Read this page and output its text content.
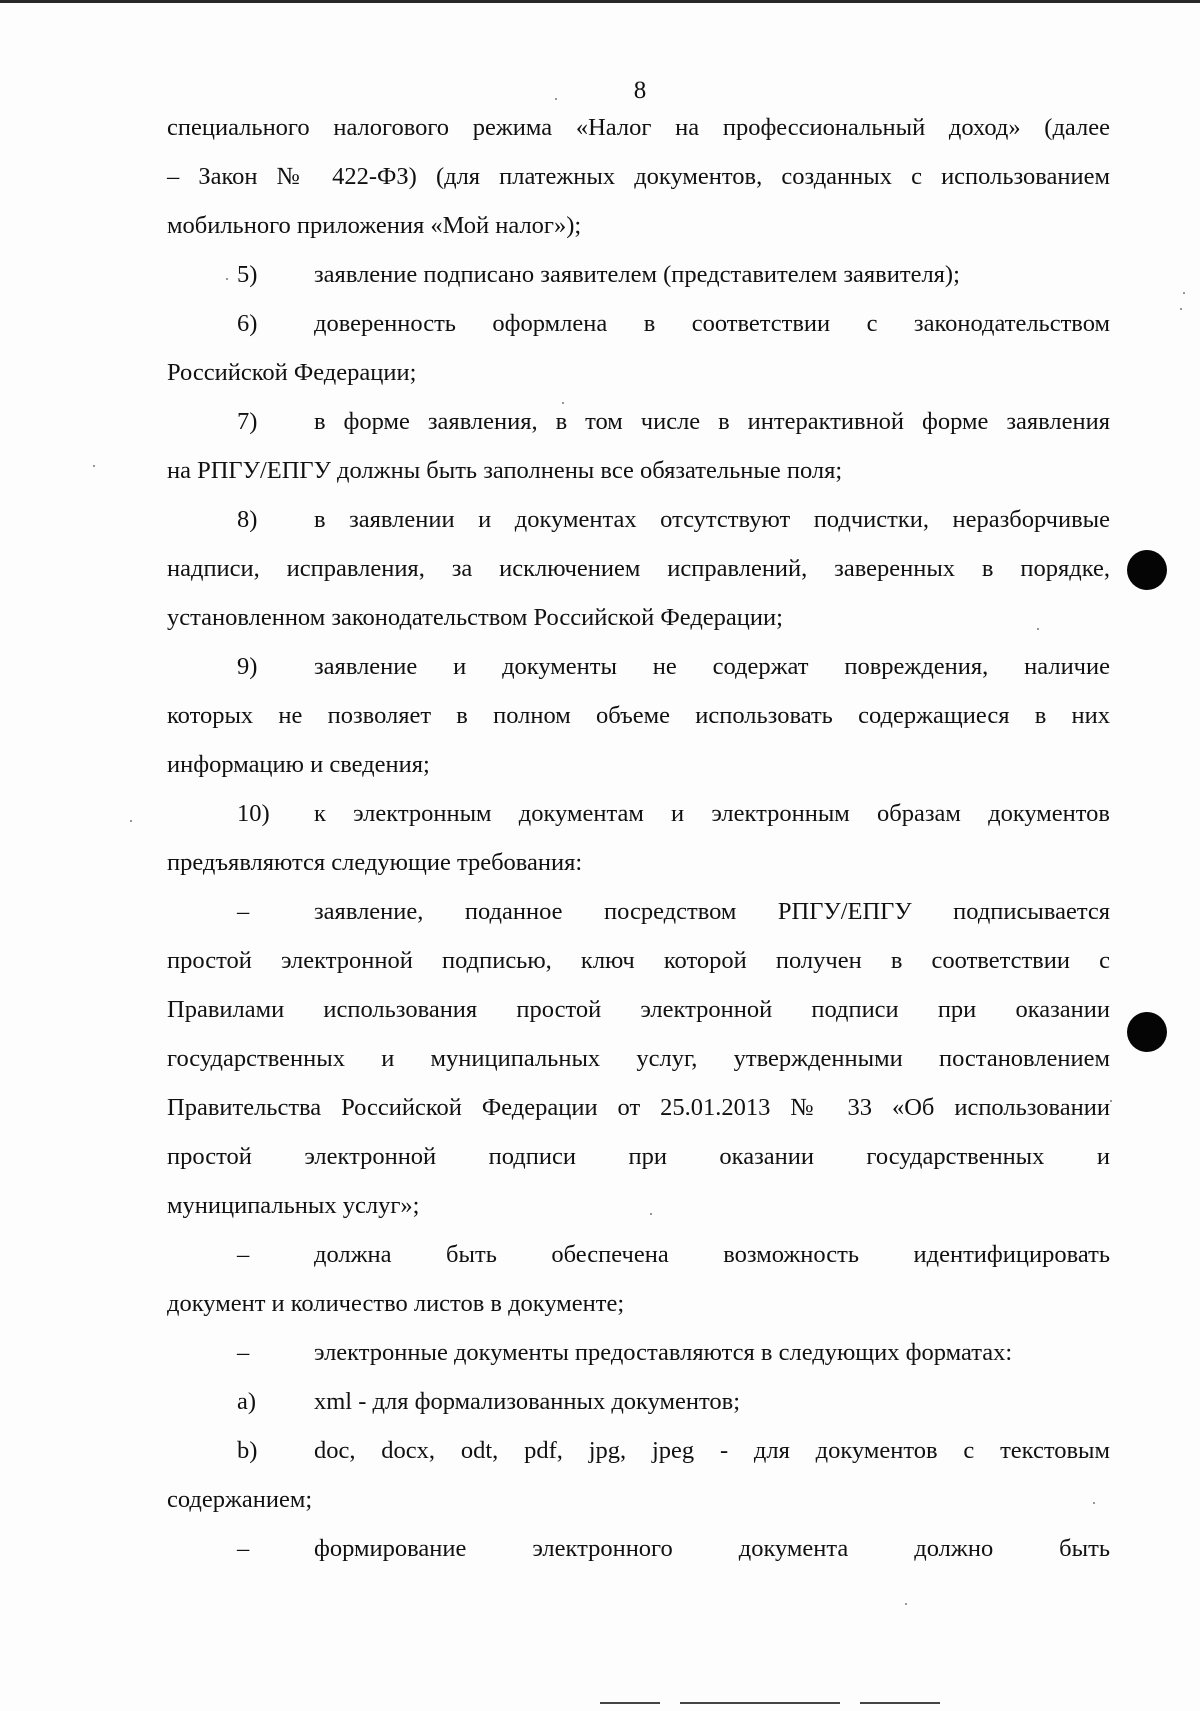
8
специального налогового режима «Налог на профессиональный доход» (далее
– Закон № 422-ФЗ) (для платежных документов, созданных с использованием
мобильного приложения «Мой налог»);
5)	заявление подписано заявителем (представителем заявителя);
6)	доверенность оформлена в соответствии с законодательством
Российской Федерации;
7)	в форме заявления, в том числе в интерактивной форме заявления
на РПГУ/ЕПГУ должны быть заполнены все обязательные поля;
8)	в заявлении и документах отсутствуют подчистки, неразборчивые
надписи, исправления, за исключением исправлений, заверенных в порядке,
установленном законодательством Российской Федерации;
9)	заявление и документы не содержат повреждения, наличие
которых не позволяет в полном объеме использовать содержащиеся в них
информацию и сведения;
10)	к электронным документам и электронным образам документов
предъявляются следующие требования:
–	заявление, поданное посредством РПГУ/ЕПГУ подписывается
простой электронной подписью, ключ которой получен в соответствии с
Правилами использования простой электронной подписи при оказании
государственных и муниципальных услуг, утвержденными постановлением
Правительства Российской Федерации от 25.01.2013 № 33 «Об использовании
простой электронной подписи при оказании государственных и
муниципальных услуг»;
–	должна быть обеспечена возможность идентифицировать
документ и количество листов в документе;
–	электронные документы предоставляются в следующих форматах:
а)	xml - для формализованных документов;
b)	doc, docx, odt, pdf, jpg, jpeg - для документов с текстовым
содержанием;
–	формирование электронного документа должно быть
